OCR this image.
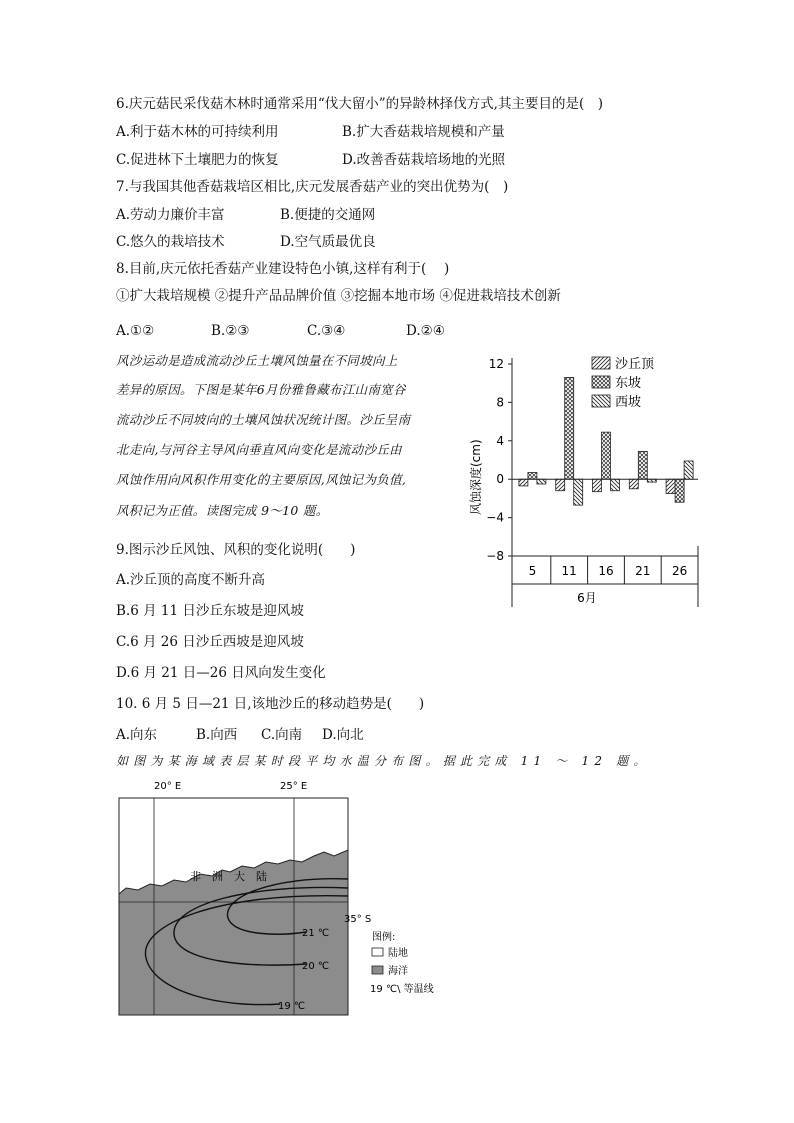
6.庆元菇民采伐菇木林时通常采用“伐大留小”的异龄林择伐方式,其主要目的是(　)
A.利于菇木林的可持续利用	B.扩大香菇栽培规模和产量
C.促进林下土壤肥力的恢复	D.改善香菇栽培场地的光照
7.与我国其他香菇栽培区相比,庆元发展香菇产业的突出优势为(　)
A.劳动力廉价丰富	B.便捷的交通网
C.悠久的栽培技术	D.空气质最优良
8.目前,庆元依托香菇产业建设特色小镇,这样有利于(　 )
①扩大栽培规模 ②提升产品品牌价值 ③挖掘本地市场 ④促进栽培技术创新
A.①②	B.②③	C.③④	D.②④
风沙运动是造成流动沙丘土壤风蚀量在不同坡向上
差异的原因。下图是某年6月份雅鲁藏布江山南宽谷
流动沙丘不同坡向的土壤风蚀状况统计图。沙丘呈南
北走向,与河谷主导风向垂直风向变化是流动沙丘由
风蚀作用向风积作用变化的主要原因,风蚀记为负值,
风积记为正值。读图完成 9～10 题。
12
8
4
0
−4
−8
5 11 16 21 26
沙丘顶
东坡
西坡
风蚀深度(cm)
6月
9.图示沙丘风蚀、风积的变化说明(　　)
A.沙丘顶的高度不断升高
B.6 月 11 日沙丘东坡是迎风坡
C.6 月 26 日沙丘西坡是迎风坡
D.6 月 21 日—26 日风向发生变化
10. 6 月 5 日—21 日,该地沙丘的移动趋势是(　　)
A.向东	B.向西 C.向南 D.向北
如图为某海域表层某时段平均水温分布图。据此完成 11 ～ 12 题。
20° E	25° E
非　洲　大　陆
35° S
21 ℃
20 ℃
19 ℃
图例:
陆地
海洋
19 ℃\ 等温线
